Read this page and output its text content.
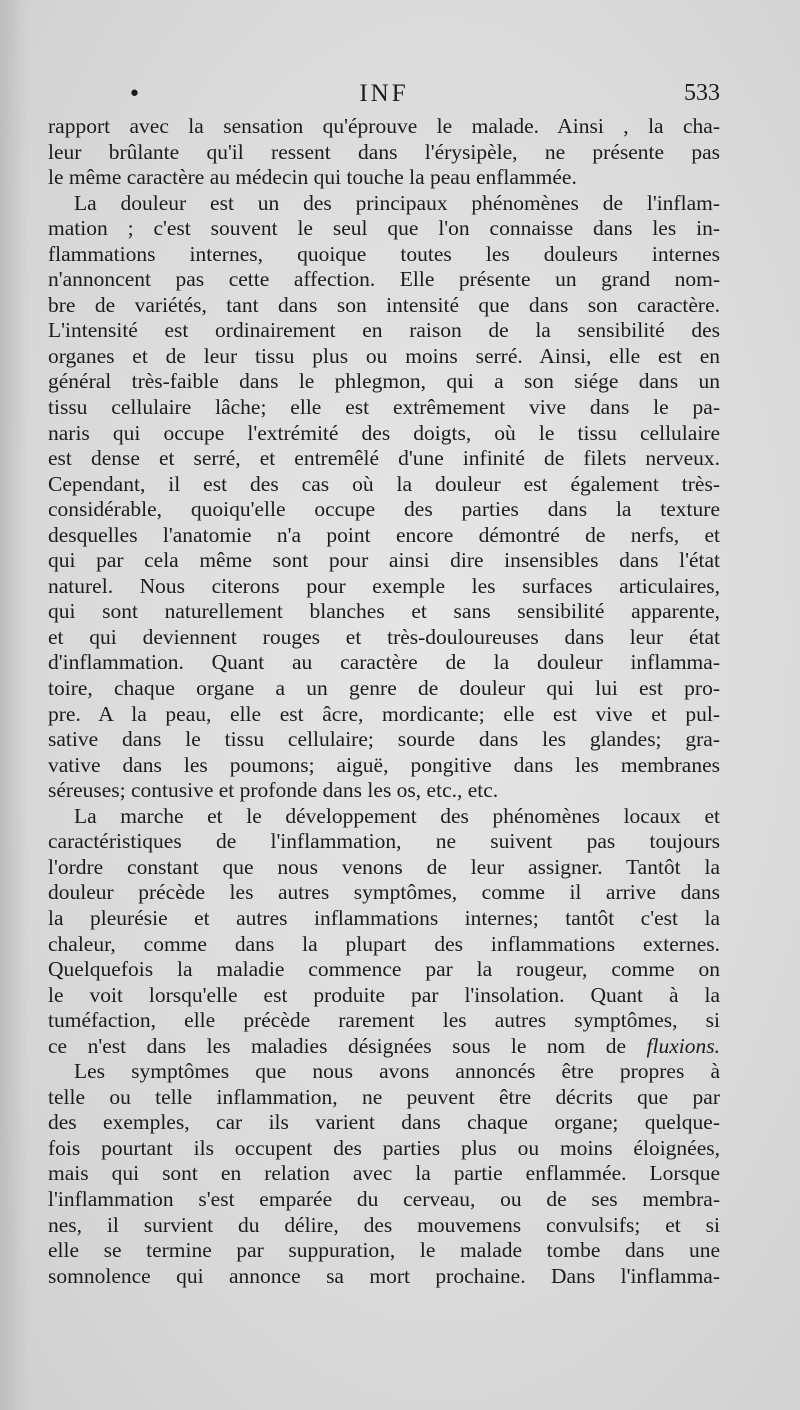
•	INF	533
rapport avec la sensation qu'éprouve le malade. Ainsi , la cha-
leur brûlante qu'il ressent dans l'érysipèle, ne présente pas
le même caractère au médecin qui touche la peau enflammée.
La douleur est un des principaux phénomènes de l'inflam-
mation ; c'est souvent le seul que l'on connaisse dans les in-
flammations internes, quoique toutes les douleurs internes
n'annoncent pas cette affection. Elle présente un grand nom-
bre de variétés, tant dans son intensité que dans son caractère.
L'intensité est ordinairement en raison de la sensibilité des
organes et de leur tissu plus ou moins serré. Ainsi, elle est en
général très-faible dans le phlegmon, qui a son siége dans un
tissu cellulaire lâche; elle est extrêmement vive dans le pa-
naris qui occupe l'extrémité des doigts, où le tissu cellulaire
est dense et serré, et entremêlé d'une infinité de filets nerveux.
Cependant, il est des cas où la douleur est également très-
considérable, quoiqu'elle occupe des parties dans la texture
desquelles l'anatomie n'a point encore démontré de nerfs, et
qui par cela même sont pour ainsi dire insensibles dans l'état
naturel. Nous citerons pour exemple les surfaces articulaires,
qui sont naturellement blanches et sans sensibilité apparente,
et qui deviennent rouges et très-douloureuses dans leur état
d'inflammation. Quant au caractère de la douleur inflamma-
toire, chaque organe a un genre de douleur qui lui est pro-
pre. A la peau, elle est âcre, mordicante; elle est vive et pul-
sative dans le tissu cellulaire; sourde dans les glandes; gra-
vative dans les poumons; aiguë, pongitive dans les membranes
séreuses; contusive et profonde dans les os, etc., etc.
La marche et le développement des phénomènes locaux et
caractéristiques de l'inflammation, ne suivent pas toujours
l'ordre constant que nous venons de leur assigner. Tantôt la
douleur précède les autres symptômes, comme il arrive dans
la pleurésie et autres inflammations internes; tantôt c'est la
chaleur, comme dans la plupart des inflammations externes.
Quelquefois la maladie commence par la rougeur, comme on
le voit lorsqu'elle est produite par l'insolation. Quant à la
tuméfaction, elle précède rarement les autres symptômes, si
ce n'est dans les maladies désignées sous le nom de fluxions.
Les symptômes que nous avons annoncés être propres à
telle ou telle inflammation, ne peuvent être décrits que par
des exemples, car ils varient dans chaque organe; quelque-
fois pourtant ils occupent des parties plus ou moins éloignées,
mais qui sont en relation avec la partie enflammée. Lorsque
l'inflammation s'est emparée du cerveau, ou de ses membra-
nes, il survient du délire, des mouvemens convulsifs; et si
elle se termine par suppuration, le malade tombe dans une
somnolence qui annonce sa mort prochaine. Dans l'inflamma-
